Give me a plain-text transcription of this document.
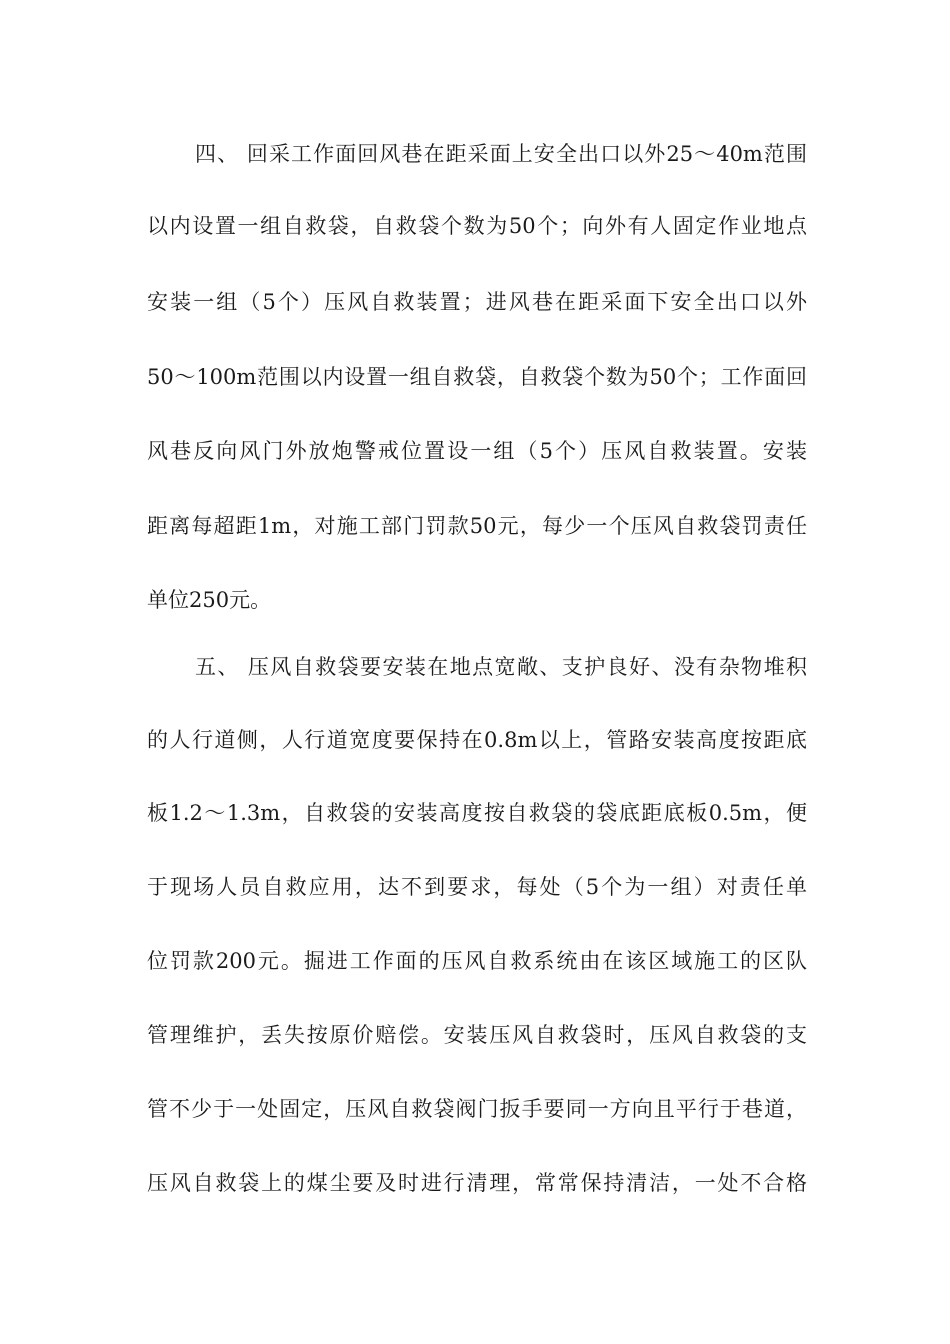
四、 回采工作面回风巷在距采面上安全出口以外25～40m范围
以内设置一组自救袋，自救袋个数为50个；向外有人固定作业地点
安装一组（5个）压风自救装置；进风巷在距采面下安全出口以外
50～100m范围以内设置一组自救袋，自救袋个数为50个；工作面回
风巷反向风门外放炮警戒位置设一组（5个）压风自救装置。安装
距离每超距1m，对施工部门罚款50元，每少一个压风自救袋罚责任
单位250元。
五、 压风自救袋要安装在地点宽敞、支护良好、没有杂物堆积
的人行道侧，人行道宽度要保持在0.8m以上，管路安装高度按距底
板1.2～1.3m，自救袋的安装高度按自救袋的袋底距底板0.5m，便
于现场人员自救应用，达不到要求，每处（5个为一组）对责任单
位罚款200元。掘进工作面的压风自救系统由在该区域施工的区队
管理维护，丢失按原价赔偿。安装压风自救袋时，压风自救袋的支
管不少于一处固定，压风自救袋阀门扳手要同一方向且平行于巷道，
压风自救袋上的煤尘要及时进行清理，常常保持清洁，一处不合格
